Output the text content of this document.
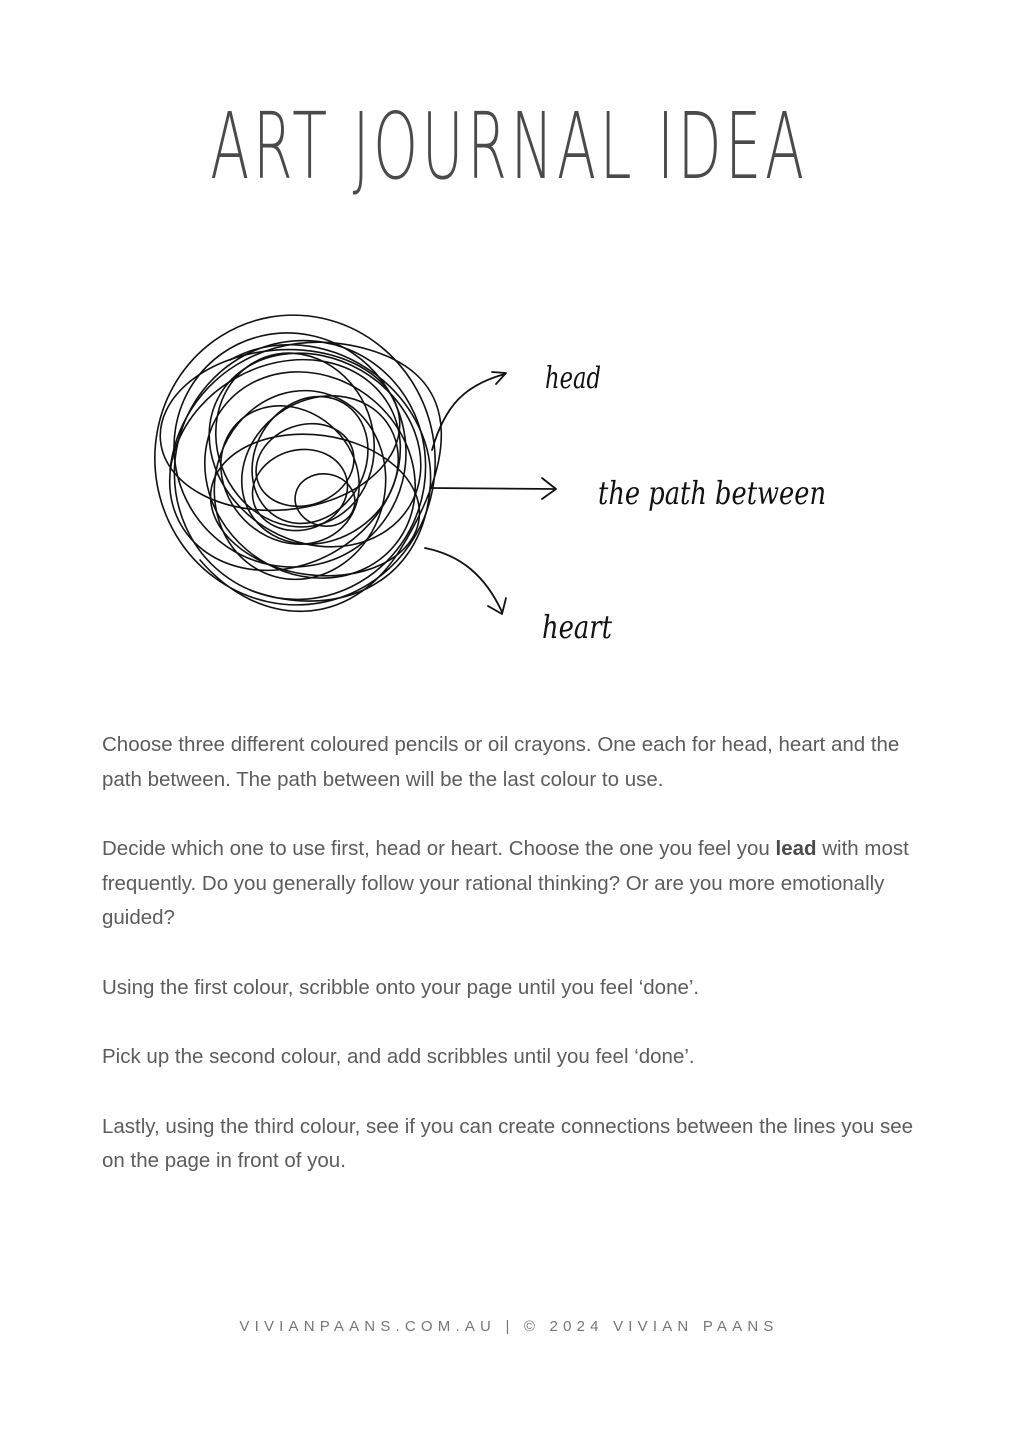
ART JOURNAL IDEA
head
the path between
heart

Choose three different coloured pencils or oil crayons. One each for head, heart and the path between. The path between will be the last colour to use.

Decide which one to use first, head or heart. Choose the one you feel you lead with most frequently. Do you generally follow your rational thinking? Or are you more emotionally guided?

Using the first colour, scribble onto your page until you feel ‘done’.

Pick up the second colour, and add scribbles until you feel ‘done’.

Lastly, using the third colour, see if you can create connections between the lines you see on the page in front of you.

VIVIANPAANS.COM.AU | © 2024 VIVIAN PAANS
